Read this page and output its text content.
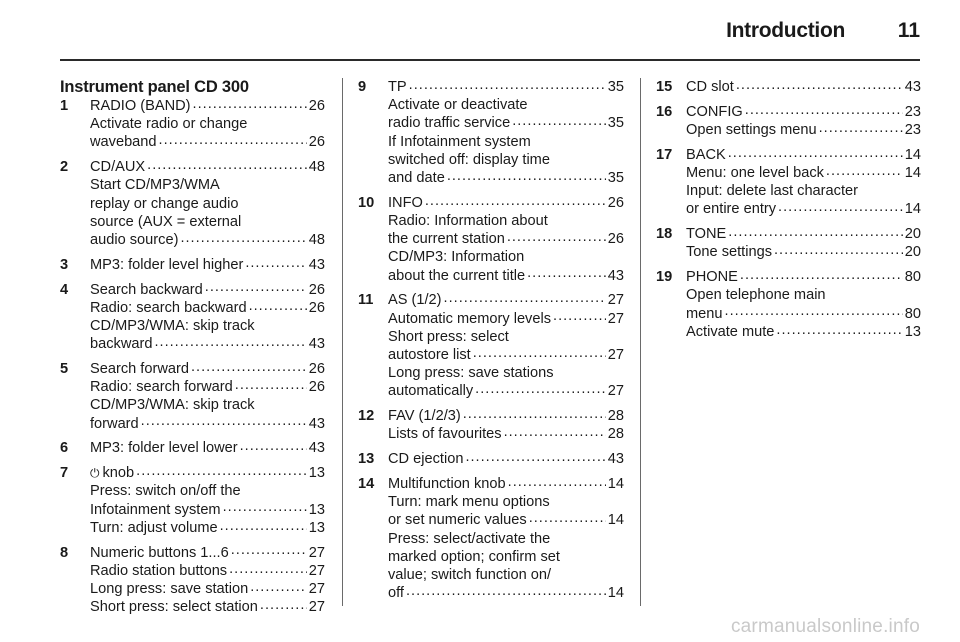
Introduction	11
Instrument panel CD 300
1 RADIO (BAND) .....	26
Activate radio or change
waveband .....	26
2 CD/AUX .....	48
Start CD/MP3/WMA
replay or change audio
source (AUX = external
audio source) .....	48
3 MP3: folder level higher .....	43
4 Search backward .....	26
Radio: search backward .....	26
CD/MP3/WMA: skip track
backward .....	43
5 Search forward .....	26
Radio: search forward .....	26
CD/MP3/WMA: skip track
forward .....	43
6 MP3: folder level lower .....	43
7 ⏻ knob .....	13
Press: switch on/off the
Infotainment system .....	13
Turn: adjust volume .....	13
8 Numeric buttons 1...6 .....	27
Radio station buttons .....	27
Long press: save station .....	27
Short press: select station .....	27
9 TP .....	35
Activate or deactivate
radio traffic service .....	35
If Infotainment system
switched off: display time
and date .....	35
10 INFO .....	26
Radio: Information about
the current station .....	26
CD/MP3: Information
about the current title .....	43
11 AS (1/2) .....	27
Automatic memory levels .....	27
Short press: select
autostore list .....	27
Long press: save stations
automatically .....	27
12 FAV (1/2/3) .....	28
Lists of favourites .....	28
13 CD ejection .....	43
14 Multifunction knob .....	14
Turn: mark menu options
or set numeric values .....	14
Press: select/activate the
marked option; confirm set
value; switch function on/
off .....	14
15 CD slot .....	43
16 CONFIG .....	23
Open settings menu .....	23
17 BACK .....	14
Menu: one level back .....	14
Input: delete last character
or entire entry .....	14
18 TONE .....	20
Tone settings .....	20
19 PHONE .....	80
Open telephone main
menu .....	80
Activate mute .....	13
carmanualsonline.info
